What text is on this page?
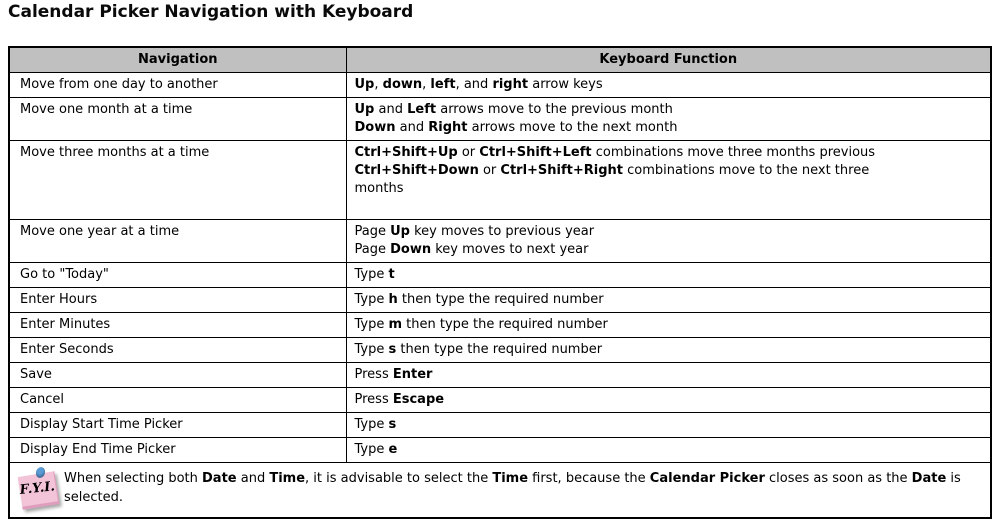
Calendar Picker Navigation with Keyboard
Navigation	Keyboard Function
Move from one day to another	Up, down, left, and right arrow keys

Move one month at a time	Up and Left arrows move to the previous month
Down and Right arrows move to the next month

Move three months at a time	Ctrl+Shift+Up or Ctrl+Shift+Left combinations move three months previous
Ctrl+Shift+Down or Ctrl+Shift+Right combinations move to the next three
months

Move one year at a time	Page Up key moves to previous year
Page Down key moves to next year

Go to "Today"	Type t

Enter Hours	Type h then type the required number

Enter Minutes	Type m then type the required number

Enter Seconds	Type s then type the required number

Save	Press Enter

Cancel	Press Escape

Display Start Time Picker	Type s

Display End Time Picker	Type e

F.Y.I.
When selecting both Date and Time, it is advisable to select the Time first, because the Calendar Picker closes as soon as the Date is selected.	
